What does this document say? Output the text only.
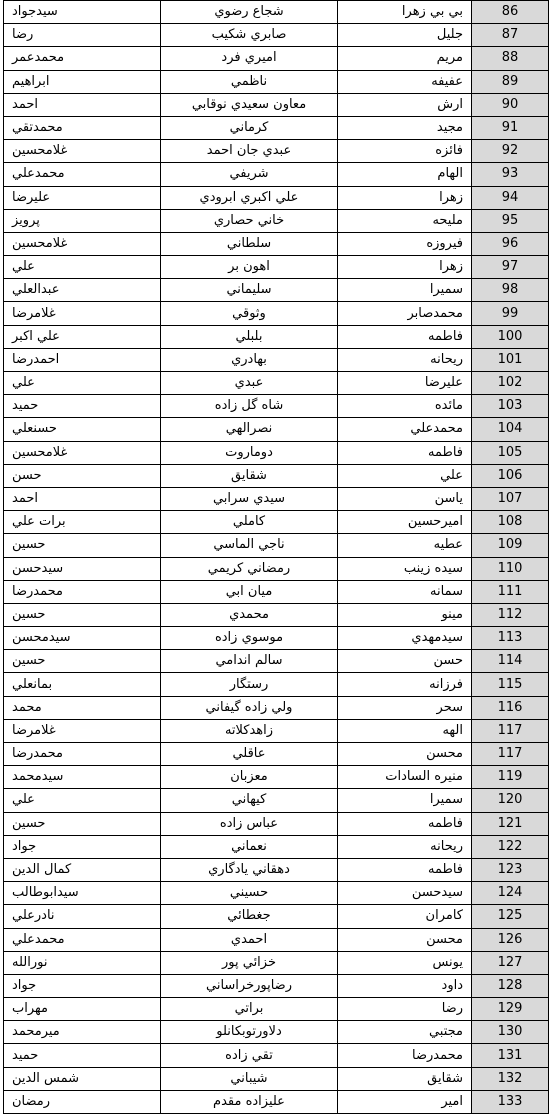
سيدجواد	شجاع رضوي	بي بي زهرا	86
رضا	صابري شكيب	جليل	87
محمدعمر	اميري فرد	مريم	88
ابراهيم	ناظمي	عفيفه	89
احمد	معاون سعيدي نوقابي	ارش	90
محمدتقي	كرماني	مجيد	91
غلامحسين	عبدي جان احمد	فائزه	92
محمدعلي	شريفي	الهام	93
عليرضا	علي اكبري ابرودي	زهرا	94
پرويز	خاني حصاري	مليحه	95
غلامحسين	سلطاني	فيروزه	96
علي	اهون بر	زهرا	97
عبدالعلي	سليماني	سميرا	98
غلامرضا	وثوقي	محمدصابر	99
علي اكبر	بلبلي	فاطمه	100
احمدرضا	بهادري	ريحانه	101
علي	عبدي	عليرضا	102
حميد	شاه گل زاده	مائده	103
حسنعلي	نصرالهي	محمدعلي	104
غلامحسين	دوماروت	فاطمه	105
حسن	شقايق	علي	106
احمد	سيدي سرابي	ياسن	107
برات علي	كاملي	اميرحسين	108
حسين	ناجي الماسي	عطيه	109
سيدحسن	رمضاني كريمي	سيده زينب	110
محمدرضا	ميان ابي	سمانه	111
حسين	محمدي	مينو	112
سيدمحسن	موسوي زاده	سيدمهدي	113
حسين	سالم اندامي	حسن	114
بمانعلي	رستگار	فرزانه	115
محمد	ولي زاده گيفاني	سحر	116
غلامرضا	زاهدكلاته	الهه	117
محمدرضا	عاقلي	محسن	117
سيدمحمد	معزبان	منيره السادات	119
علي	كيهاني	سميرا	120
حسين	عباس زاده	فاطمه	121
جواد	نعماني	ريحانه	122
كمال الدين	دهقاني يادگاري	فاطمه	123
سيدابوطالب	حسيني	سيدحسن	124
نادرعلي	جغطائي	كامران	125
محمدعلي	احمدي	محسن	126
نورالله	خزائي پور	يونس	127
جواد	رضاپورخراساني	داود	128
مهراب	براتي	رضا	129
ميرمحمد	دلاورتوبكانلو	مجتبي	130
حميد	تقي زاده	محمدرضا	131
شمس الدين	شيباني	شقايق	132
رمضان	عليزاده مقدم	امير	133
